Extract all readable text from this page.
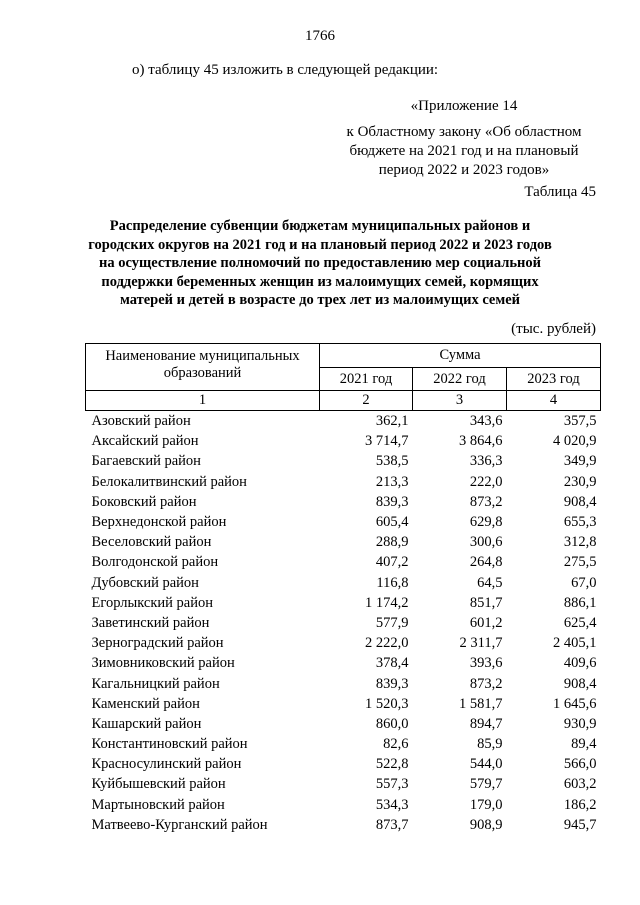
1766
о) таблицу 45 изложить в следующей редакции:
«Приложение 14
к Областному закону «Об областном бюджете на 2021 год и на плановый период 2022 и 2023 годов»
Таблица 45
Распределение субвенции бюджетам муниципальных районов и городских округов на 2021 год и на плановый период 2022 и 2023 годов на осуществление полномочий по предоставлению мер социальной поддержки беременных женщин из малоимущих семей, кормящих матерей и детей в возрасте до трех лет из малоимущих семей
(тыс. рублей)
Наименование муниципальных образований	Сумма		
	2021 год	2022 год	2023 год
1	2	3	4
Азовский район	362,1	343,6	357,5
Аксайский район	3 714,7	3 864,6	4 020,9
Багаевский район	538,5	336,3	349,9
Белокалитвинский район	213,3	222,0	230,9
Боковский район	839,3	873,2	908,4
Верхнедонской район	605,4	629,8	655,3
Веселовский район	288,9	300,6	312,8
Волгодонской район	407,2	264,8	275,5
Дубовский район	116,8	64,5	67,0
Егорлыкский район	1 174,2	851,7	886,1
Заветинский район	577,9	601,2	625,4
Зерноградский район	2 222,0	2 311,7	2 405,1
Зимовниковский район	378,4	393,6	409,6
Кагальницкий район	839,3	873,2	908,4
Каменский район	1 520,3	1 581,7	1 645,6
Кашарский район	860,0	894,7	930,9
Константиновский район	82,6	85,9	89,4
Красносулинский район	522,8	544,0	566,0
Куйбышевский район	557,3	579,7	603,2
Мартыновский район	534,3	179,0	186,2
Матвеево-Курганский район	873,7	908,9	945,7
